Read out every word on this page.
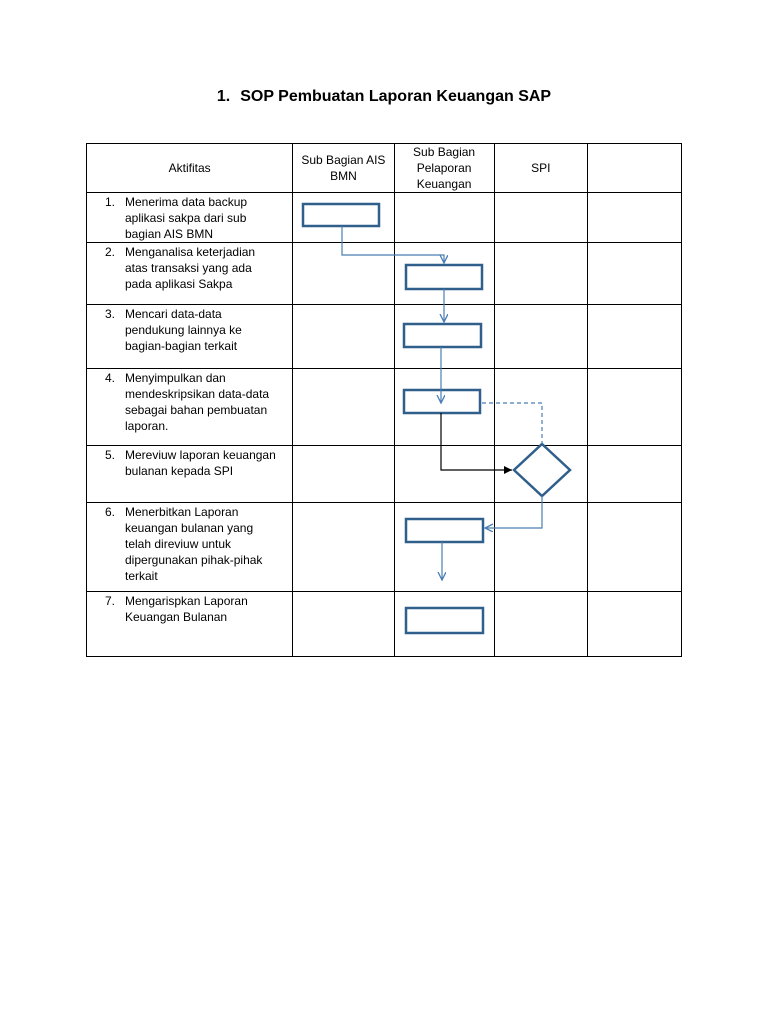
1. SOP Pembuatan Laporan Keuangan SAP
Aktifitas	Sub Bagian AIS BMN	Sub Bagian Pelaporan Keuangan	SPI	

1. Menerima data backup aplikasi sakpa dari sub bagian AIS BMN				

2. Menganalisa keterjadian atas transaksi yang ada pada aplikasi Sakpa				

3. Mencari data-data pendukung lainnya ke bagian-bagian terkait				

4. Menyimpulkan dan mendeskripsikan data-data sebagai bahan pembuatan laporan.				

5. Mereviuw laporan keuangan bulanan kepada SPI				

6. Menerbitkan Laporan keuangan bulanan yang telah direviuw untuk dipergunakan pihak-pihak terkait				

7. Mengarispkan Laporan Keuangan Bulanan				
